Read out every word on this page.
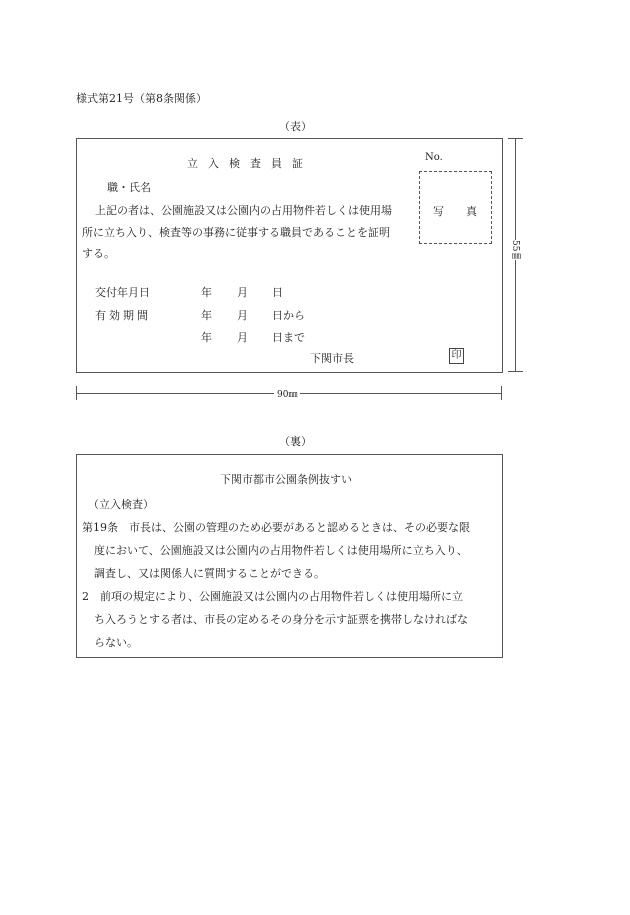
様式第21号（第8条関係）
（表）
立入検査員証	No.
職・氏名
上記の者は、公園施設又は公園内の占用物件若しくは使用場
所に立ち入り、検査等の事務に従事する職員であることを証明
する。
写　　真
交付年月日	年 月 日
有効期間	年 月 日から
年 月 日まで
下関市長	印
55㎜
90㎜
（裏）
下関市都市公園条例抜すい
（立入検査）
第19条　市長は、公園の管理のため必要があると認めるときは、その必要な限
度において、公園施設又は公園内の占用物件若しくは使用場所に立ち入り、
調査し、又は関係人に質問することができる。
2　前項の規定により、公園施設又は公園内の占用物件若しくは使用場所に立
ち入ろうとする者は、市長の定めるその身分を示す証票を携帯しなければな
らない。
